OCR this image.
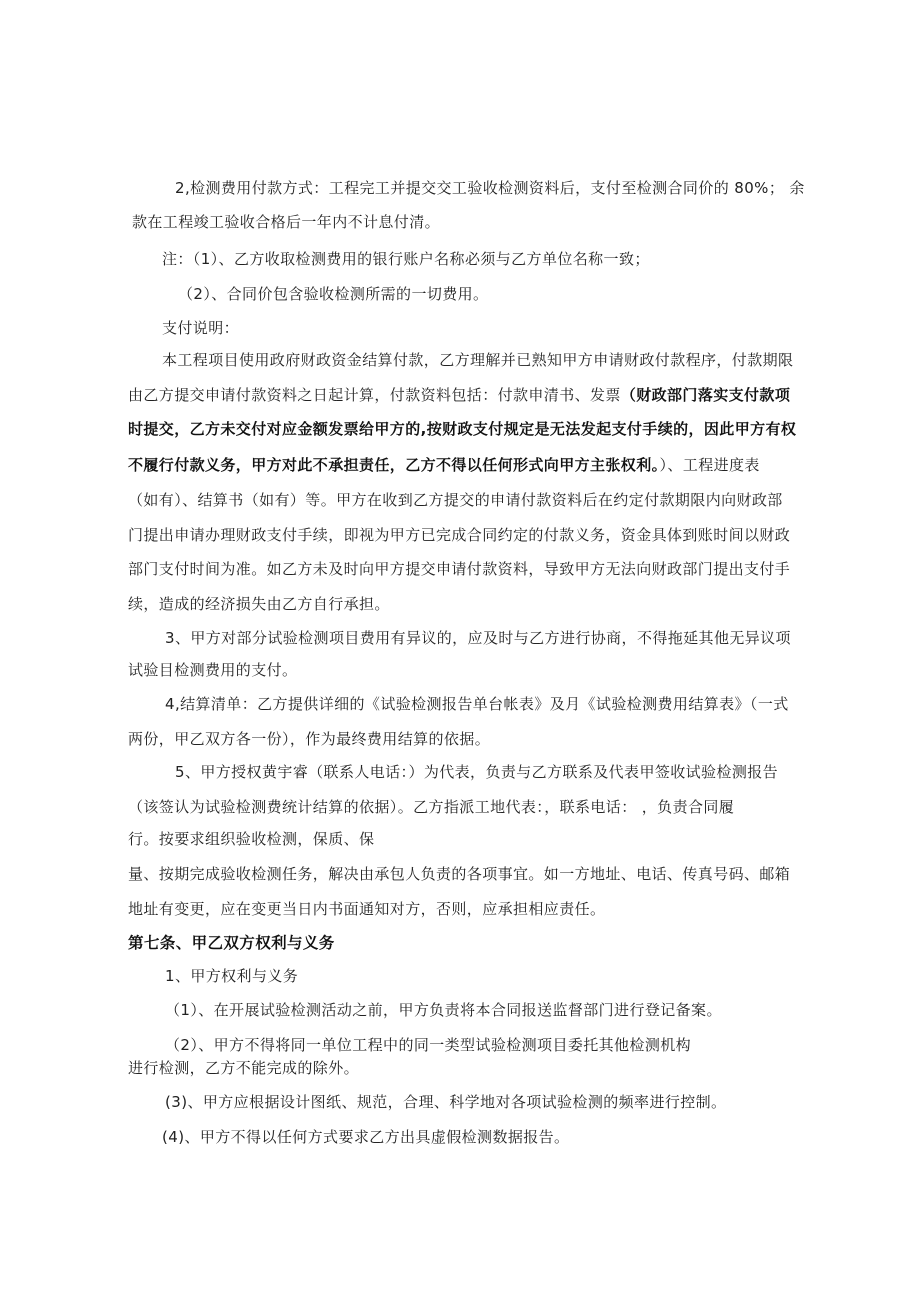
2,检测费用付款方式：工程完工并提交交工验收检测资料后，支付至检测合同价的 80%； 余

款在工程竣工验收合格后一年内不计息付清。

注：（1）、乙方收取检测费用的银行账户名称必须与乙方单位名称一致；

（2）、合同价包含验收检测所需的一切费用。

支付说明：

本工程项目使用政府财政资金结算付款，乙方理解并已熟知甲方申请财政付款程序，付款期限

由乙方提交申请付款资料之日起计算，付款资料包括：付款申清书、发票（财政部门落实支付款项

时提交，乙方未交付对应金额发票给甲方的,按财政支付规定是无法发起支付手续的，因此甲方有权

不履行付款义务，甲方对此不承担责任，乙方不得以任何形式向甲方主张权利。）、工程进度表

（如有）、结算书（如有）等。甲方在收到乙方提交的申请付款资料后在约定付款期限内向财政部

门提出申请办理财政支付手续，即视为甲方已完成合同约定的付款义务，资金具体到账时间以财政

部门支付时间为准。如乙方未及时向甲方提交申请付款资料，导致甲方无法向财政部门提出支付手

续，造成的经济损失由乙方自行承担。

3、甲方对部分试验检测项目费用有异议的，应及时与乙方进行协商，不得拖延其他无异议项

试验目检测费用的支付。

4,结算清单：乙方提供详细的《试验检测报告单台帐表》及月《试验检测费用结算表》（一式

两份，甲乙双方各一份），作为最终费用结算的依据。

5、甲方授权黄宇睿（联系人电话：）为代表，负责与乙方联系及代表甲签收试验检测报告

（该签认为试验检测费统计结算的依据）。乙方指派工地代表：，联系电话： ，负责合同履

行。按要求组织验收检测，保质、保

量、按期完成验收检测任务，解决由承包人负责的各项事宜。如一方地址、电话、传真号码、邮箱

地址有变更，应在变更当日内书面通知对方，否则，应承担相应责任。

第七条、甲乙双方权利与义务

1、甲方权利与义务

（1）、在开展试验检测活动之前，甲方负责将本合同报送监督部门进行登记备案。

（2）、甲方不得将同一单位工程中的同一类型试验检测项目委托其他检测机构

进行检测，乙方不能完成的除外。

(3)、甲方应根据设计图纸、规范，合理、科学地对各项试验检测的频率进行控制。

(4)、甲方不得以任何方式要求乙方出具虚假检测数据报告。
